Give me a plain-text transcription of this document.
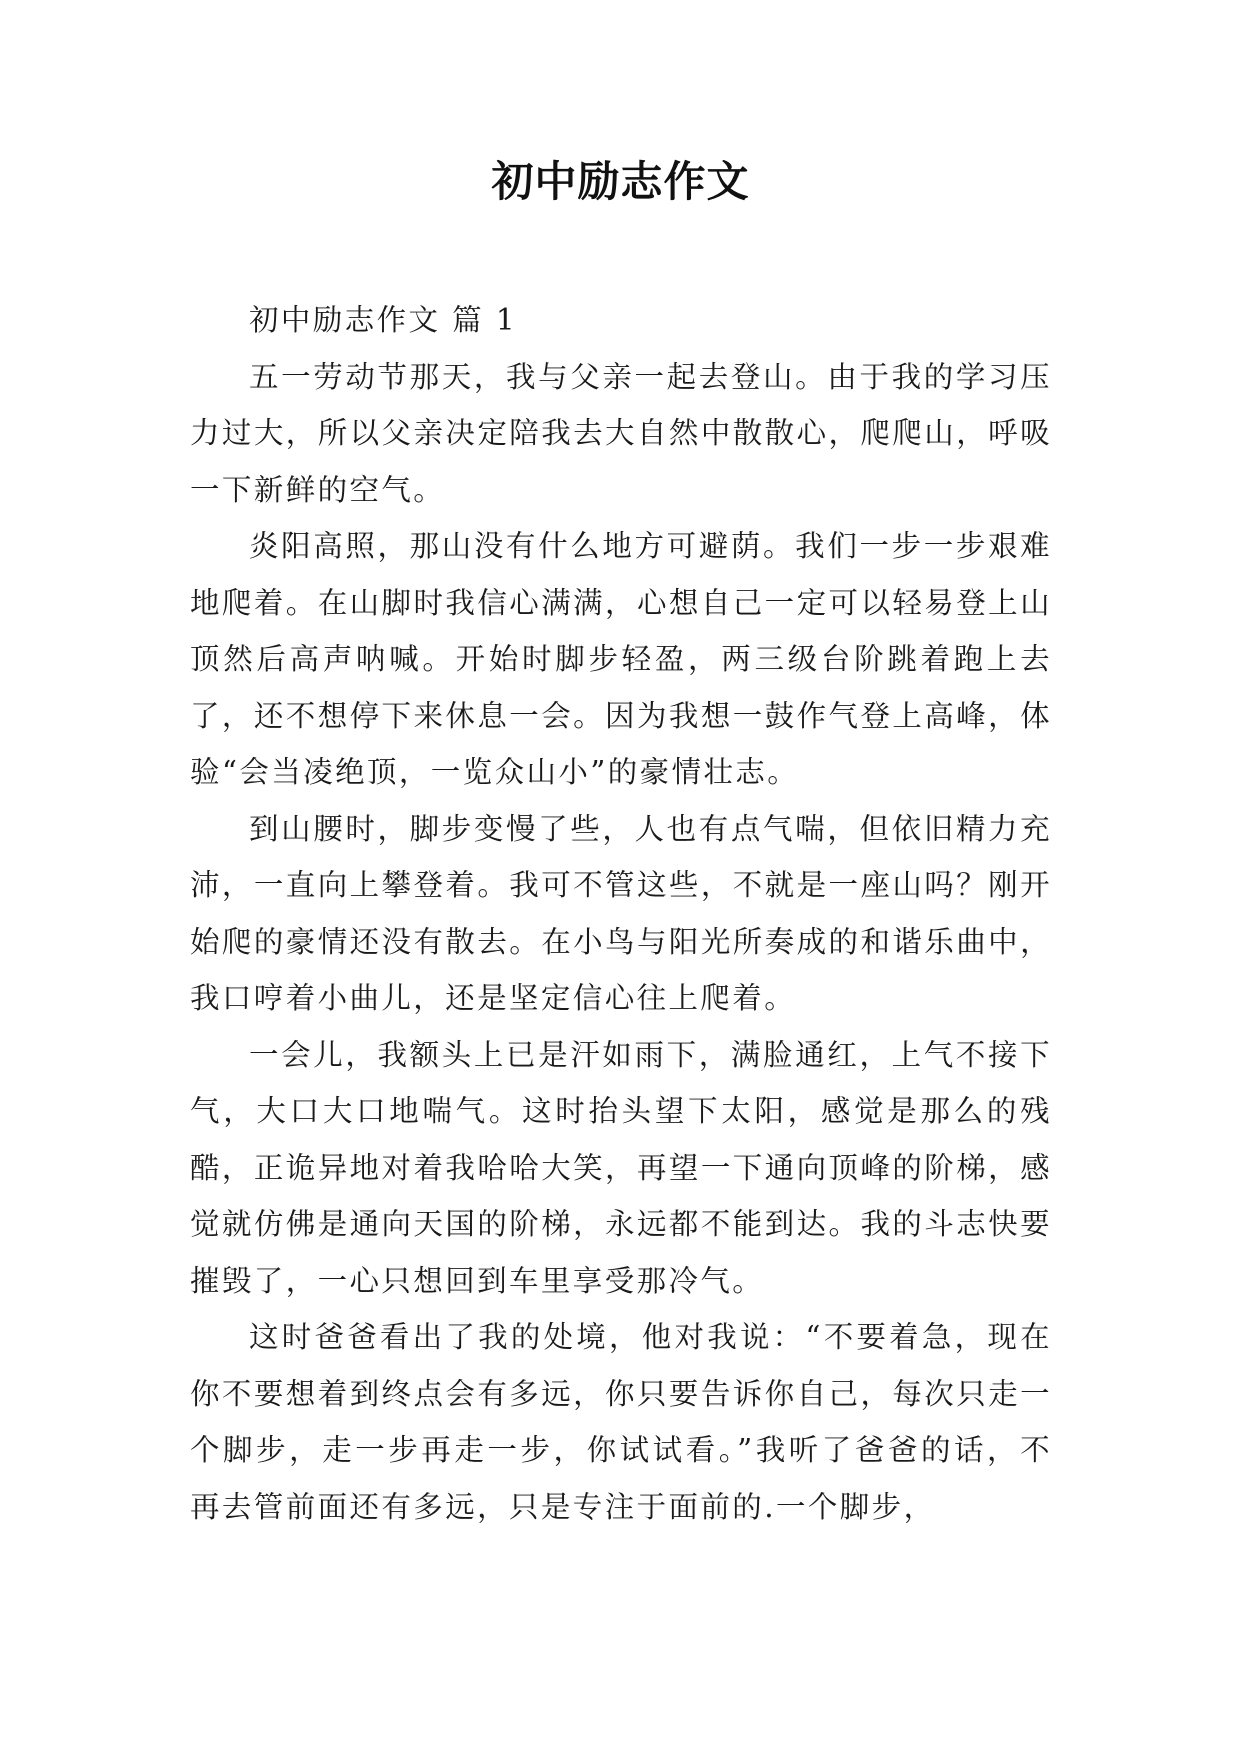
初中励志作文

初中励志作文 篇 1

五一劳动节那天，我与父亲一起去登山。由于我的学习压力过大，所以父亲决定陪我去大自然中散散心，爬爬山，呼吸一下新鲜的空气。

炎阳高照，那山没有什么地方可避荫。我们一步一步艰难地爬着。在山脚时我信心满满，心想自己一定可以轻易登上山顶然后高声呐喊。开始时脚步轻盈，两三级台阶跳着跑上去了，还不想停下来休息一会。因为我想一鼓作气登上高峰，体验“会当凌绝顶，一览众山小”的豪情壮志。

到山腰时，脚步变慢了些，人也有点气喘，但依旧精力充沛，一直向上攀登着。我可不管这些，不就是一座山吗？刚开始爬的豪情还没有散去。在小鸟与阳光所奏成的和谐乐曲中，我口哼着小曲儿，还是坚定信心往上爬着。

一会儿，我额头上已是汗如雨下，满脸通红，上气不接下气，大口大口地喘气。这时抬头望下太阳，感觉是那么的残酷，正诡异地对着我哈哈大笑，再望一下通向顶峰的阶梯，感觉就仿佛是通向天国的阶梯，永远都不能到达。我的斗志快要摧毁了，一心只想回到车里享受那冷气。

这时爸爸看出了我的处境，他对我说：“不要着急，现在你不要想着到终点会有多远，你只要告诉你自己，每次只走一个脚步，走一步再走一步，你试试看。”我听了爸爸的话，不再去管前面还有多远，只是专注于面前的.一个脚步，
